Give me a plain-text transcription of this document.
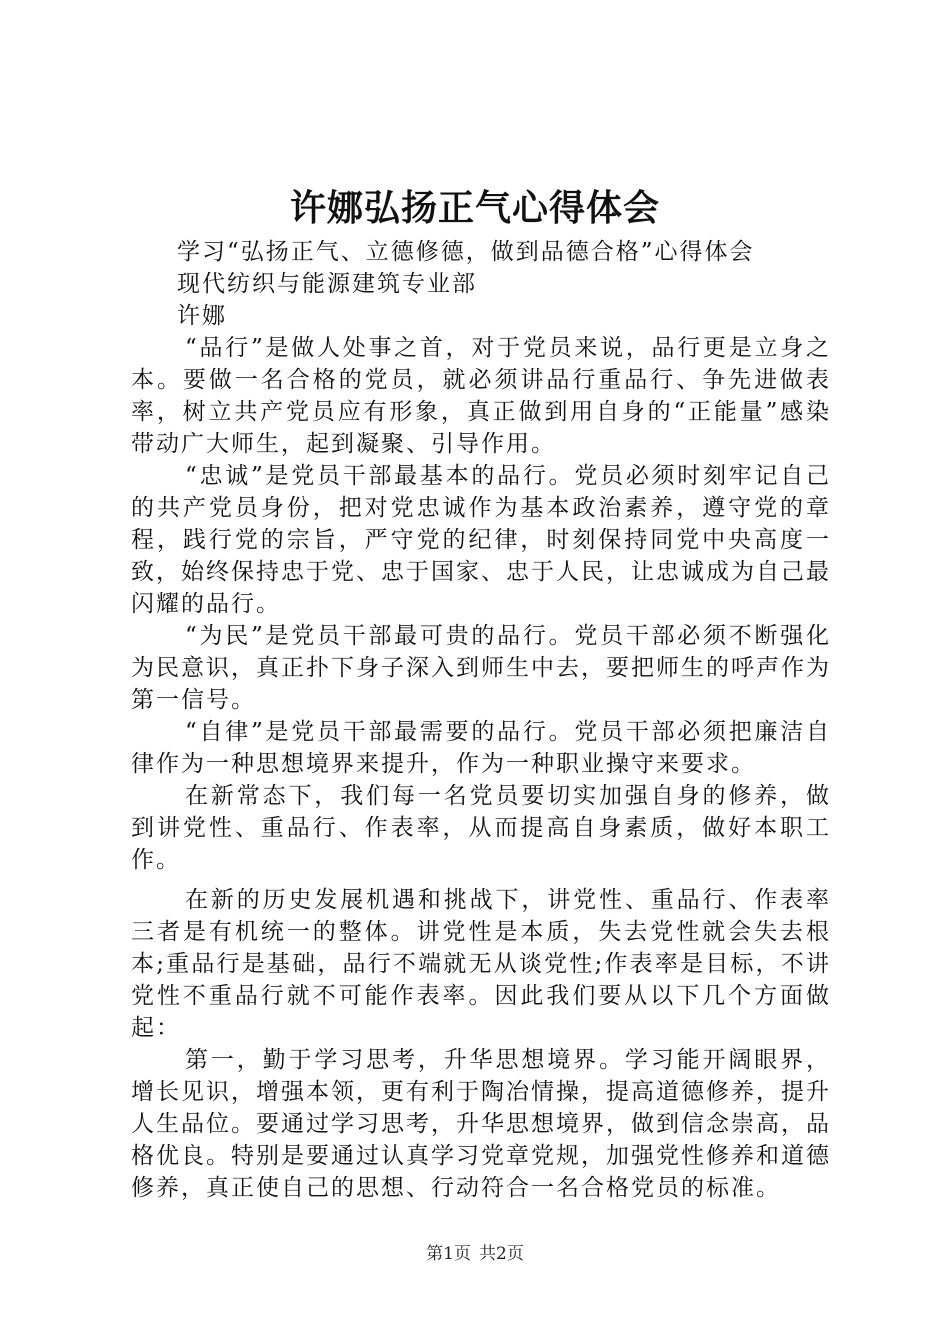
许娜弘扬正气心得体会

学习“弘扬正气、立德修德，做到品德合格”心得体会

现代纺织与能源建筑专业部

许娜

“品行”是做人处事之首，对于党员来说，品行更是立身之本。要做一名合格的党员，就必须讲品行重品行、争先进做表率，树立共产党员应有形象，真正做到用自身的“正能量”感染带动广大师生，起到凝聚、引导作用。

“忠诚”是党员干部最基本的品行。党员必须时刻牢记自己的共产党员身份，把对党忠诚作为基本政治素养，遵守党的章程，践行党的宗旨，严守党的纪律，时刻保持同党中央高度一致，始终保持忠于党、忠于国家、忠于人民，让忠诚成为自己最闪耀的品行。

“为民”是党员干部最可贵的品行。党员干部必须不断强化为民意识，真正扑下身子深入到师生中去，要把师生的呼声作为第一信号。

“自律”是党员干部最需要的品行。党员干部必须把廉洁自律作为一种思想境界来提升，作为一种职业操守来要求。

在新常态下，我们每一名党员要切实加强自身的修养，做到讲党性、重品行、作表率，从而提高自身素质，做好本职工作。

在新的历史发展机遇和挑战下，讲党性、重品行、作表率三者是有机统一的整体。讲党性是本质，失去党性就会失去根本;重品行是基础，品行不端就无从谈党性;作表率是目标，不讲党性不重品行就不可能作表率。因此我们要从以下几个方面做起：

第一，勤于学习思考，升华思想境界。学习能开阔眼界，增长见识，增强本领，更有利于陶冶情操，提高道德修养，提升人生品位。要通过学习思考，升华思想境界，做到信念崇高，品格优良。特别是要通过认真学习党章党规，加强党性修养和道德修养，真正使自己的思想、行动符合一名合格党员的标准。

第1页 共2页
